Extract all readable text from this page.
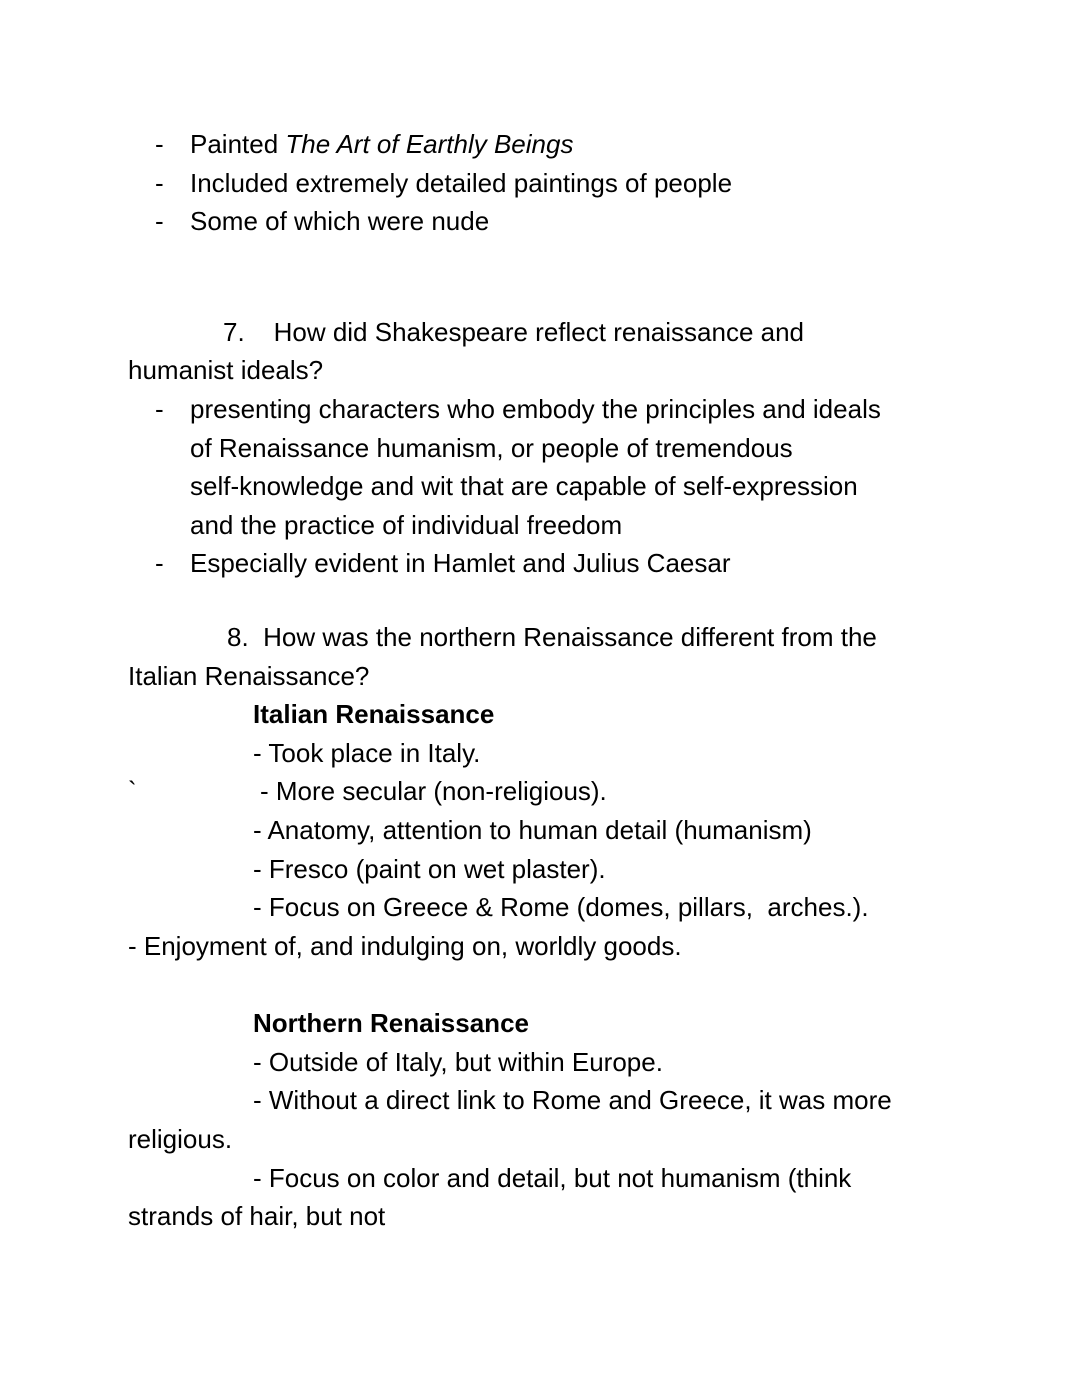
- Painted The Art of Earthly Beings
- Included extremely detailed paintings of people
- Some of which were nude
7.    How did Shakespeare reflect renaissance and
humanist ideals?
- presenting characters who embody the principles and ideals
of Renaissance humanism, or people of tremendous
self-knowledge and wit that are capable of self-expression
and the practice of individual freedom
- Especially evident in Hamlet and Julius Caesar
8.  How was the northern Renaissance different from the
Italian Renaissance?
Italian Renaissance
- Took place in Italy.
`	- More secular (non-religious).
- Anatomy, attention to human detail (humanism)
- Fresco (paint on wet plaster).
- Focus on Greece & Rome (domes, pillars,  arches.).
- Enjoyment of, and indulging on, worldly goods.
Northern Renaissance
- Outside of Italy, but within Europe.
- Without a direct link to Rome and Greece, it was more
religious.
- Focus on color and detail, but not humanism (think
strands of hair, but not
